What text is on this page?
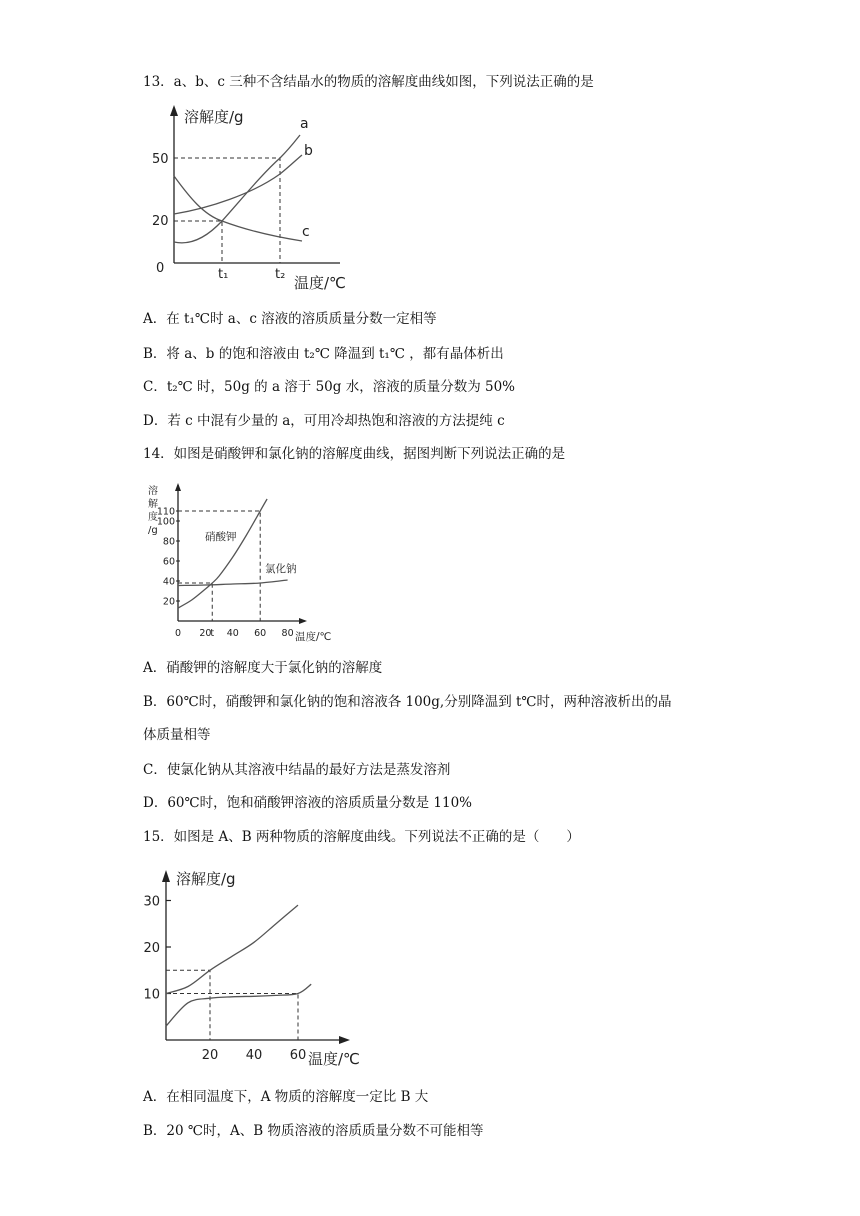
13．a、b、c 三种不含结晶水的物质的溶解度曲线如图，下列说法正确的是
溶解度/g
温度/℃
50
20
0	t₁	t₂
a
b
c
A．在 t₁℃时 a、c 溶液的溶质质量分数一定相等
B．将 a、b 的饱和溶液由 t₂℃ 降温到 t₁℃ ，都有晶体析出
C．t₂℃ 时，50g 的 a 溶于 50g 水，溶液的质量分数为 50%
D．若 c 中混有少量的 a，可用冷却热饱和溶液的方法提纯 c
14．如图是硝酸钾和氯化钠的溶解度曲线，据图判断下列说法正确的是
溶
解
度
/g
温度/℃
110
100
80
60
40
20
0 20
t 40 60 80
硝酸钾
氯化钠
A．硝酸钾的溶解度大于氯化钠的溶解度
B．60℃时，硝酸钾和氯化钠的饱和溶液各 100g,分别降温到 t℃时，两种溶液析出的晶
体质量相等
C．使氯化钠从其溶液中结晶的最好方法是蒸发溶剂
D．60℃时，饱和硝酸钾溶液的溶质质量分数是 110%
15．如图是 A、B 两种物质的溶解度曲线。下列说法不正确的是（　　）
溶解度/g
温度/℃
30
20
10
20 40 60
A．在相同温度下，A 物质的溶解度一定比 B 大
B．20 ℃时，A、B 物质溶液的溶质质量分数不可能相等
